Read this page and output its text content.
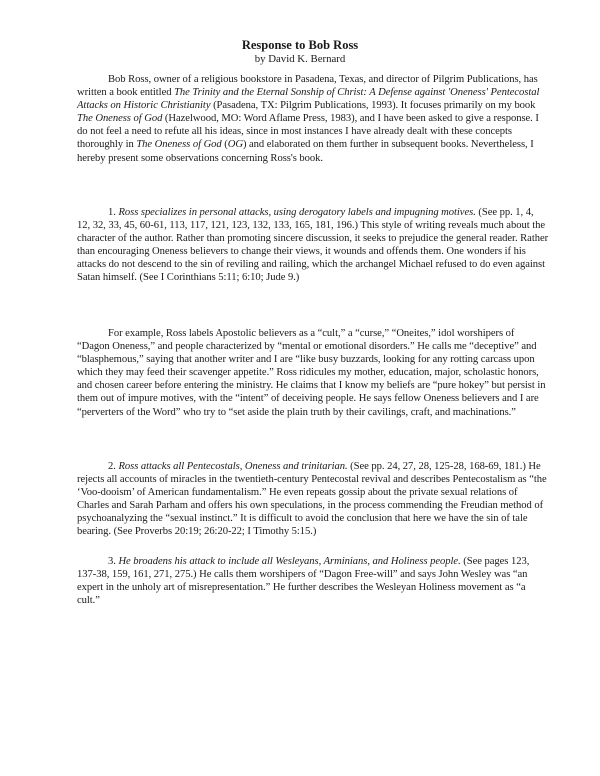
Response to Bob Ross
by David K. Bernard

Bob Ross, owner of a religious bookstore in Pasadena, Texas, and director of Pilgrim Publications, has written a book entitled The Trinity and the Eternal Sonship of Christ: A Defense against 'Oneness' Pentecostal Attacks on Historic Christianity (Pasadena, TX: Pilgrim Publications, 1993). It focuses primarily on my book The Oneness of God (Hazelwood, MO: Word Aflame Press, 1983), and I have been asked to give a response. I do not feel a need to refute all his ideas, since in most instances I have already dealt with these concepts thoroughly in The Oneness of God (OG) and elaborated on them further in subsequent books. Nevertheless, I hereby present some observations concerning Ross's book.

1. Ross specializes in personal attacks, using derogatory labels and impugning motives. (See pp. 1, 4, 12, 32, 33, 45, 60-61, 113, 117, 121, 123, 132, 133, 165, 181, 196.) This style of writing reveals much about the character of the author. Rather than promoting sincere discussion, it seeks to prejudice the general reader. Rather than encouraging Oneness believers to change their views, it wounds and offends them. One wonders if his attacks do not descend to the sin of reviling and railing, which the archangel Michael refused to do even against Satan himself. (See I Corinthians 5:11; 6:10; Jude 9.)

For example, Ross labels Apostolic believers as a “cult,” a “curse,” “Oneites,” idol worshipers of “Dagon Oneness,” and people characterized by “mental or emotional disorders.” He calls me “deceptive” and “blasphemous,” saying that another writer and I are “like busy buzzards, looking for any rotting carcass upon which they may feed their scavenger appetite.” Ross ridicules my mother, education, major, scholastic honors, and chosen career before entering the ministry. He claims that I know my beliefs are “pure hokey” but persist in them out of impure motives, with the “intent” of deceiving people. He says fellow Oneness believers and I are “perverters of the Word” who try to “set aside the plain truth by their cavilings, craft, and machinations.”

2. Ross attacks all Pentecostals, Oneness and trinitarian. (See pp. 24, 27, 28, 125-28, 168-69, 181.) He rejects all accounts of miracles in the twentieth-century Pentecostal revival and describes Pentecostalism as “the ‘Voo-dooism’ of American fundamentalism.” He even repeats gossip about the private sexual relations of Charles and Sarah Parham and offers his own speculations, in the process commending the Freudian method of psychoanalyzing the “sexual instinct.” It is difficult to avoid the conclusion that here we have the sin of tale bearing. (See Proverbs 20:19; 26:20-22; I Timothy 5:15.)

3. He broadens his attack to include all Wesleyans, Arminians, and Holiness people. (See pages 123, 137-38, 159, 161, 271, 275.) He calls them worshipers of “Dagon Free-will” and says John Wesley was “an expert in the unholy art of misrepresentation.” He further describes the Wesleyan Holiness movement as “a cult.”
